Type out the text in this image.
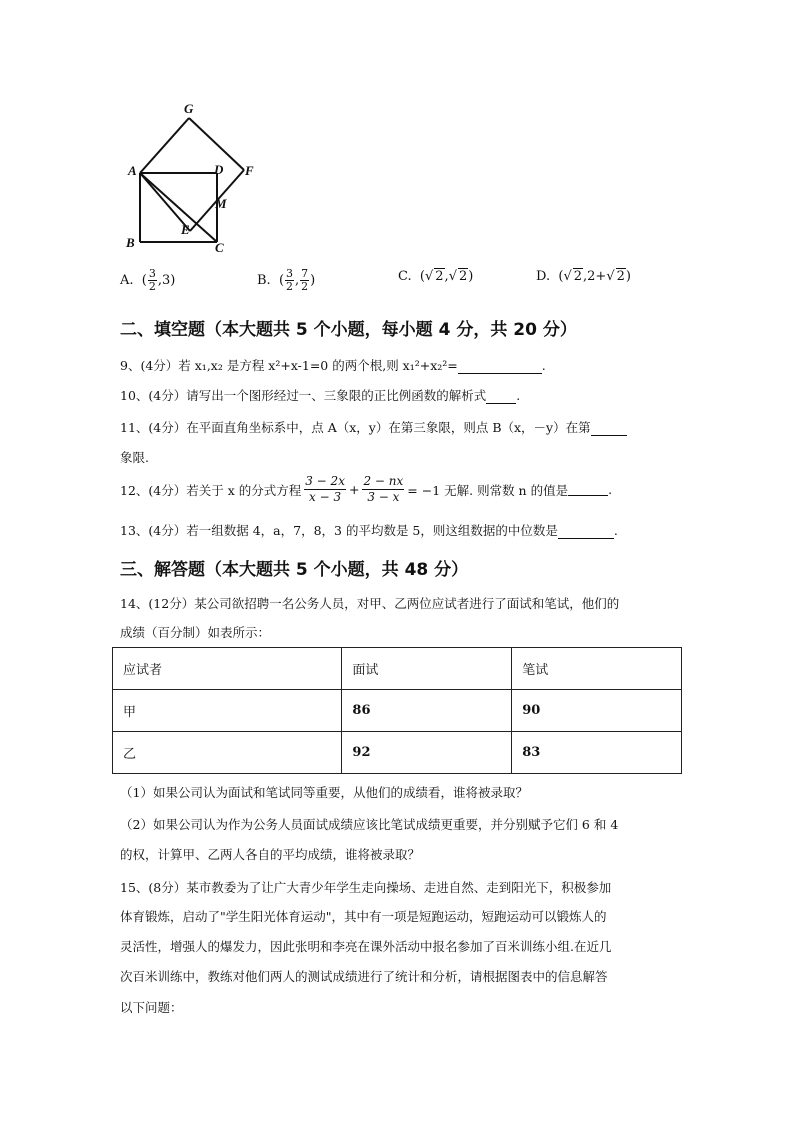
G
A	D F
M
E
B	C
A.
( $\frac{3}{2} ,3$)	B.
( $\frac{3}{2}$ , $\frac{7}{2}$ )	C.
( √ 2 , √ 2 )	D.
( √ 2 ,2+ √ 2 )
二、填空题（本大题共 5 个小题，每小题 4 分，共 20 分）
9、(4分）若 x₁,x₂ 是方程 x²+x-1=0 的两个根,则 x₁²+x₂²=	.
10、(4分）请写出一个图形经过一、三象限的正比例函数的解析式 .
11、(4分）在平面直角坐标系中，点 A（x，y）在第三象限，则点 B（x，－y）在第
象限.
12、(4分）若关于 x 的分式方程 $\frac{3 - 2x}{x - 3} + \frac{2 - nx}{3 - x} = -1$ 无解. 则常数 n 的值是	.
13、(4分）若一组数据 4，a，7，8，3 的平均数是 5，则这组数据的中位数是	.
三、解答题（本大题共 5 个小题，共 48 分）
14、(12分）某公司欲招聘一名公务人员，对甲、乙两位应试者进行了面试和笔试，他们的
成绩（百分制）如表所示：
应试者	面试	笔试
甲	86	90
乙	92	83
（1）如果公司认为面试和笔试同等重要，从他们的成绩看，谁将被录取？
（2）如果公司认为作为公务人员面试成绩应该比笔试成绩更重要，并分别赋予它们 6 和 4
的权，计算甲、乙两人各自的平均成绩，谁将被录取？
15、(8分）某市教委为了让广大青少年学生走向操场、走进自然、走到阳光下，积极参加
体育锻炼，启动了"学生阳光体育运动"，其中有一项是短跑运动，短跑运动可以锻炼人的
灵活性，增强人的爆发力，因此张明和李亮在课外活动中报名参加了百米训练小组.在近几
次百米训练中，教练对他们两人的测试成绩进行了统计和分析，请根据图表中的信息解答
以下问题：
